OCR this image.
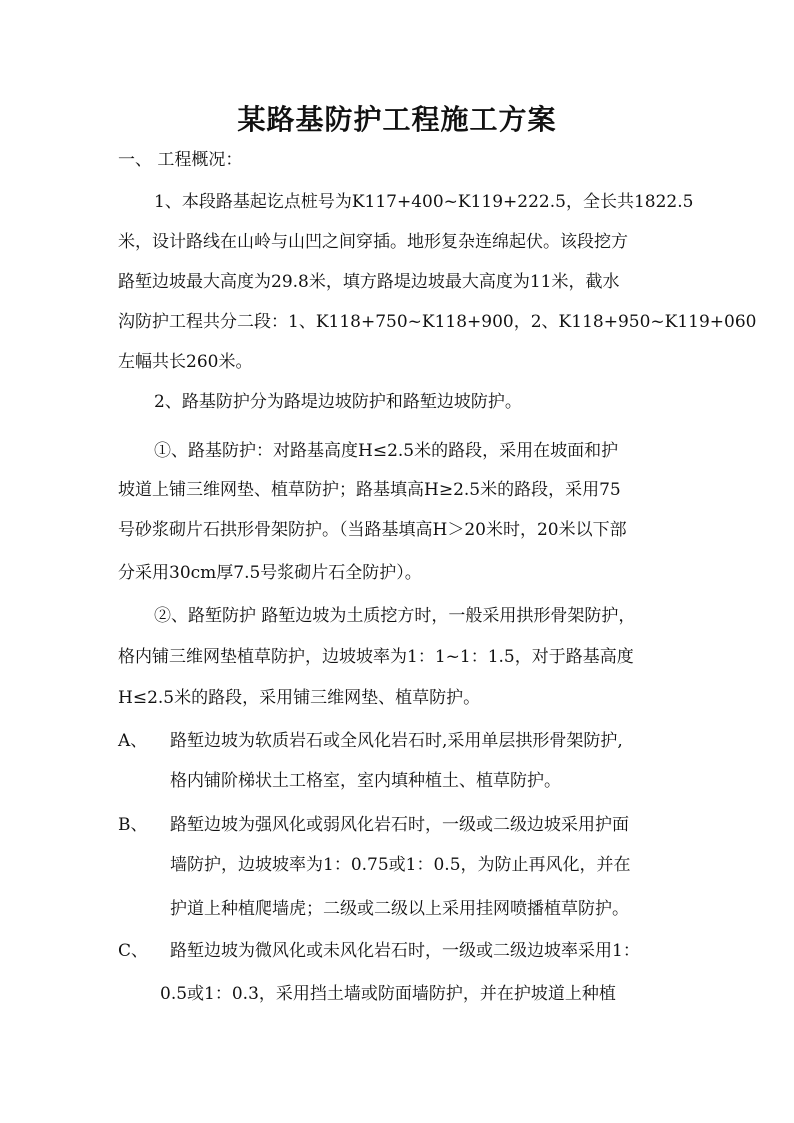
某路基防护工程施工方案
一、 工程概况：
1、本段路基起讫点桩号为K117+400~K119+222.5，全长共1822.5
米，设计路线在山岭与山凹之间穿插。地形复杂连绵起伏。该段挖方
路堑边坡最大高度为29.8米，填方路堤边坡最大高度为11米，截水
沟防护工程共分二段：1、K118+750~K118+900，2、K118+950~K119+060
左幅共长260米。
2、路基防护分为路堤边坡防护和路堑边坡防护。
①、路基防护：对路基高度H≤2.5米的路段，采用在坡面和护
坡道上铺三维网垫、植草防护；路基填高H≥2.5米的路段，采用75
号砂浆砌片石拱形骨架防护。（当路基填高H＞20米时，20米以下部
分采用30cm厚7.5号浆砌片石全防护）。
②、路堑防护 路堑边坡为土质挖方时，一般采用拱形骨架防护，
格内铺三维网垫植草防护，边坡坡率为1：1~1：1.5，对于路基高度
H≤2.5米的路段，采用铺三维网垫、植草防护。
A、 路堑边坡为软质岩石或全风化岩石时,采用单层拱形骨架防护,
格内铺阶梯状土工格室，室内填种植土、植草防护。
B、 路堑边坡为强风化或弱风化岩石时，一级或二级边坡采用护面
墙防护，边坡坡率为1：0.75或1：0.5，为防止再风化，并在
护道上种植爬墙虎；二级或二级以上采用挂网喷播植草防护。
C、 路堑边坡为微风化或未风化岩石时，一级或二级边坡率采用1：
0.5或1：0.3，采用挡土墙或防面墙防护，并在护坡道上种植
